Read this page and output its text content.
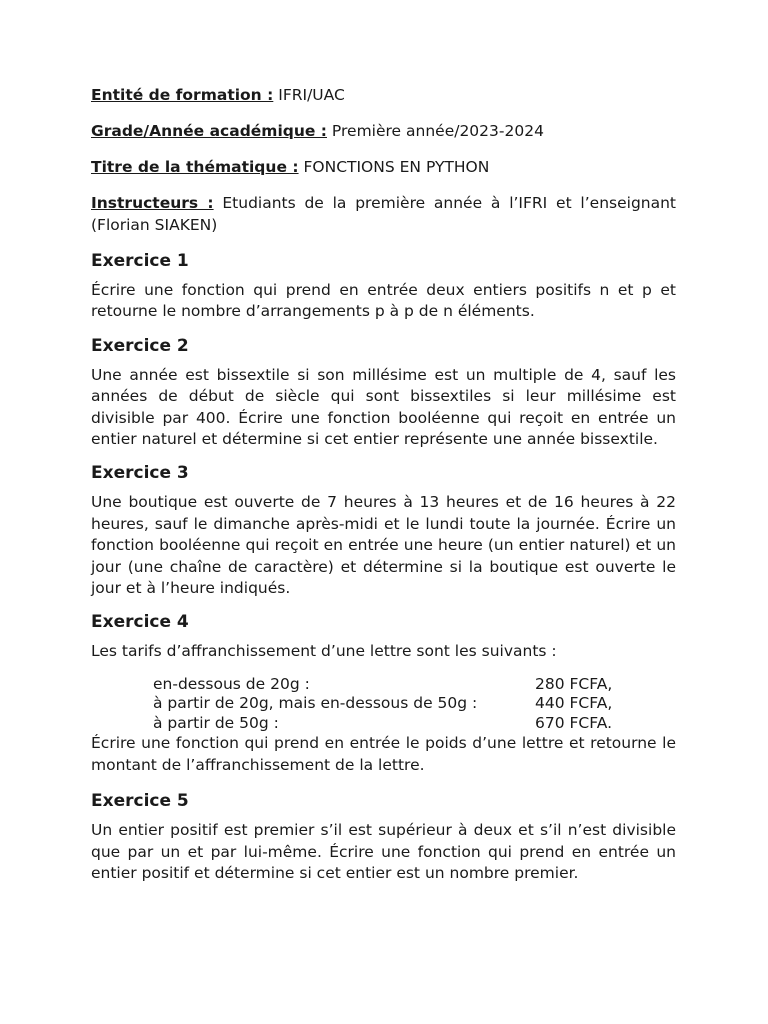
Entité de formation : IFRI/UAC

Grade/Année académique : Première année/2023-2024

Titre de la thématique : FONCTIONS EN PYTHON

Instructeurs : Etudiants de la première année à l’IFRI et l’enseignant (Florian SIAKEN)

Exercice 1

Écrire une fonction qui prend en entrée deux entiers positifs n et p et retourne le nombre d’arrangements p à p de n éléments.

Exercice 2

Une année est bissextile si son millésime est un multiple de 4, sauf les années de début de siècle qui sont bissextiles si leur millésime est divisible par 400. Écrire une fonction booléenne qui reçoit en entrée un entier naturel et détermine si cet entier représente une année bissextile.

Exercice 3

Une boutique est ouverte de 7 heures à 13 heures et de 16 heures à 22 heures, sauf le dimanche après-midi et le lundi toute la journée. Écrire un fonction booléenne qui reçoit en entrée une heure (un entier naturel) et un jour (une chaîne de caractère) et détermine si la boutique est ouverte le jour et à l’heure indiqués.

Exercice 4

Les tarifs d’affranchissement d’une lettre sont les suivants :

en-dessous de 20g :	280 FCFA,
à partir de 20g, mais en-dessous de 50g :	440 FCFA,
à partir de 50g :	670 FCFA.

Écrire une fonction qui prend en entrée le poids d’une lettre et retourne le montant de l’affranchissement de la lettre.

Exercice 5

Un entier positif est premier s’il est supérieur à deux et s’il n’est divisible que par un et par lui-même. Écrire une fonction qui prend en entrée un entier positif et détermine si cet entier est un nombre premier.
